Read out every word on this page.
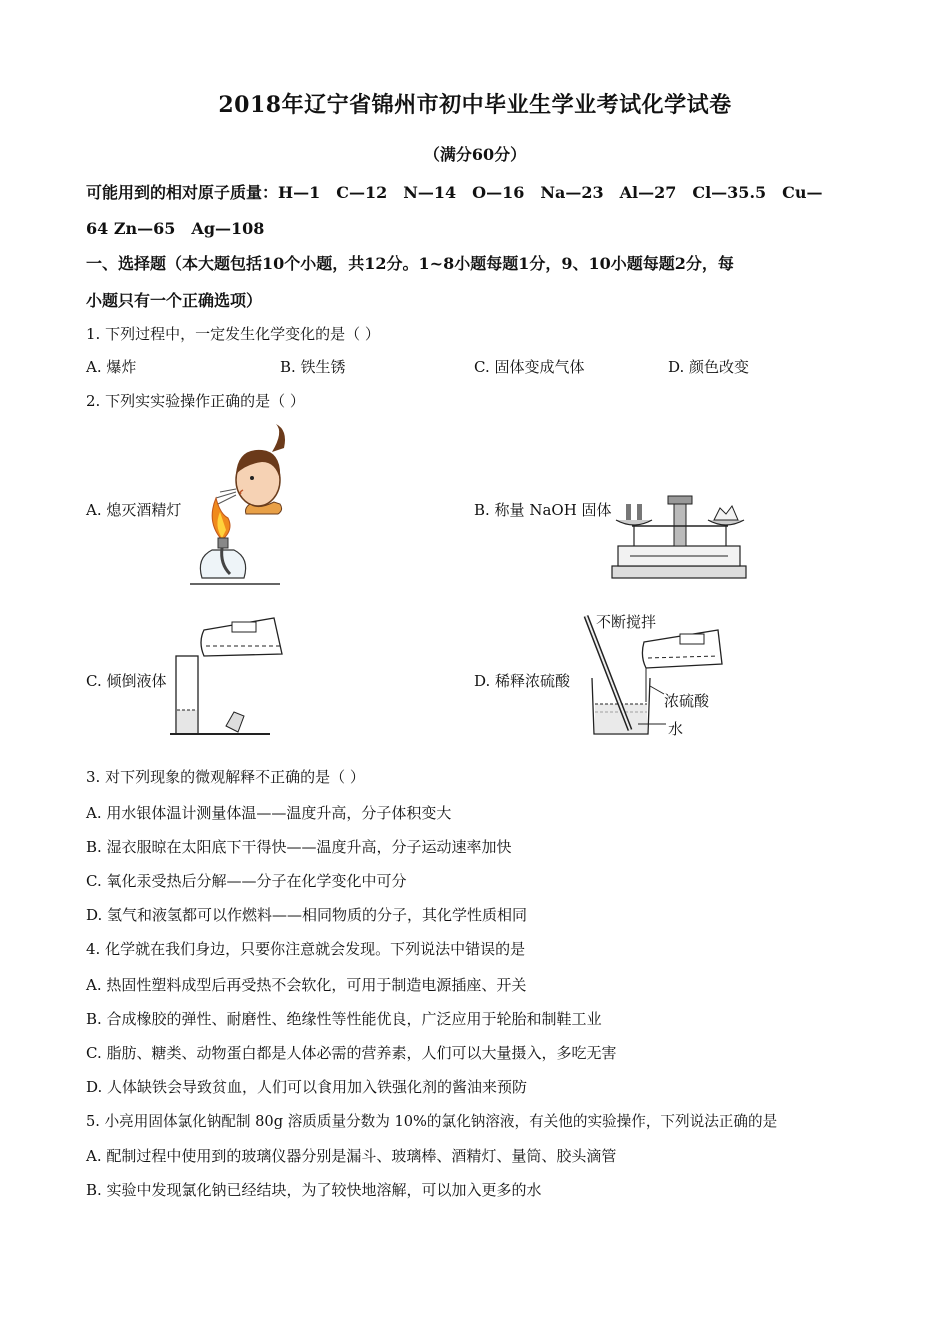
2018年辽宁省锦州市初中毕业生学业考试化学试卷
（满分60分）
可能用到的相对原子质量：H—1　C—12　N—14　O—16　Na—23　Al—27　Cl—35.5　Cu—
64 Zn—65　Ag—108
一、选择题（本大题包括10个小题，共12分。1~8小题每题1分，9、10小题每题2分，每
小题只有一个正确选项）
1. 下列过程中，一定发生化学变化的是（ ）
A. 爆炸	B. 铁生锈	C. 固体变成气体	D. 颜色改变
2. 下列实实验操作正确的是（ ）
A. 熄灭酒精灯	B. 称量 NaOH 固体
C. 倾倒液体	D. 稀释浓硫酸
不断搅拌
浓硫酸
水
3. 对下列现象的微观解释不正确的是（ ）
A. 用水银体温计测量体温——温度升高，分子体积变大
B. 湿衣服晾在太阳底下干得快——温度升高，分子运动速率加快
C. 氧化汞受热后分解——分子在化学变化中可分
D. 氢气和液氢都可以作燃料——相同物质的分子，其化学性质相同
4. 化学就在我们身边，只要你注意就会发现。下列说法中错误的是
A. 热固性塑料成型后再受热不会软化，可用于制造电源插座、开关
B. 合成橡胶的弹性、耐磨性、绝缘性等性能优良，广泛应用于轮胎和制鞋工业
C. 脂肪、糖类、动物蛋白都是人体必需的营养素，人们可以大量摄入，多吃无害
D. 人体缺铁会导致贫血，人们可以食用加入铁强化剂的酱油来预防
5. 小亮用固体氯化钠配制 80g 溶质质量分数为 10%的氯化钠溶液，有关他的实验操作，下列说法正确的是
A. 配制过程中使用到的玻璃仪器分别是漏斗、玻璃棒、酒精灯、量筒、胶头滴管
B. 实验中发现氯化钠已经结块，为了较快地溶解，可以加入更多的水
